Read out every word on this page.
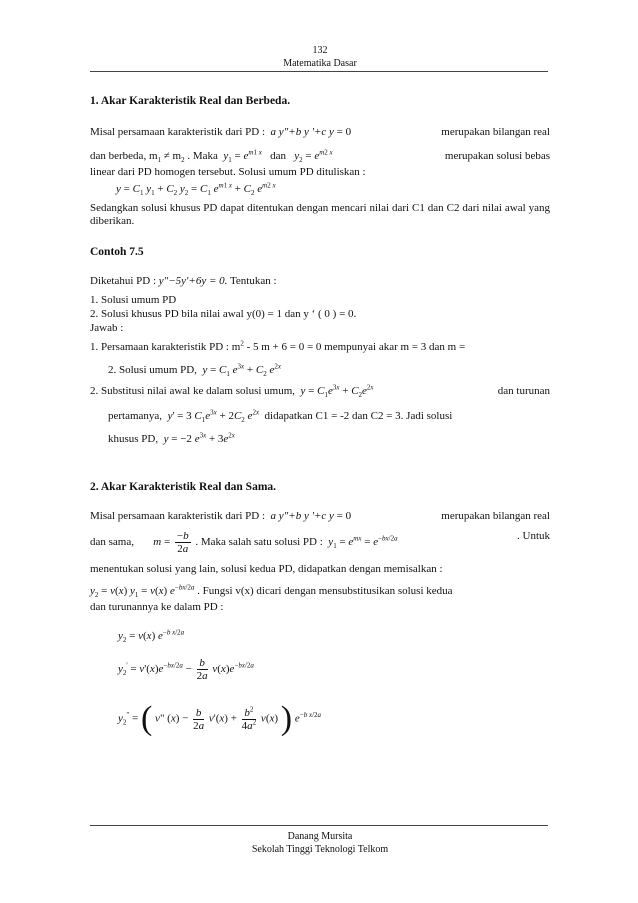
132
Matematika Dasar
1. Akar Karakteristik Real dan Berbeda.
Misal persamaan karakteristik dari PD :  a y"+b y '+c y = 0	merupakan bilangan real
dan berbeda, $m_1 \ne m_2$ . Maka $y_1 = e^{m1 x}$ dan $y_2 = e^{m2 x}$	merupakan solusi bebas
linear dari PD homogen tersebut. Solusi umum PD dituliskan :
$y = C_1$ $y_1 + C_2$ $y_2 = C_1$ $e^{m1 x} + C_2$ $e^{m2 x}$
Sedangkan solusi khusus PD dapat ditentukan dengan mencari nilai dari C1 dan C2 dari nilai awal yang diberikan.
Contoh 7.5
Diketahui PD : y"−5y'+6y = 0. Tentukan :
1. Solusi umum PD
2. Solusi khusus PD bila nilai awal y(0) = 1 dan y ‘ ( 0 ) = 0.
Jawab :
1. Persamaan karakteristik PD : $m^2 - 5$ m + 6 = 0 = 0 mempunyai akar m = 3 dan m =
2. Solusi umum PD, $y = C_1$ $e^{3x} + C_2$ $e^{2x}$
2. Substitusi nilai awal ke dalam solusi umum, $y = C_1e^{3x} + C_2e^{2x}$	dan turunan
pertamanya, y' = 3 $C_1e^{3x} + 2C_2$ $e^{2x}$ didapatkan C1 = -2 dan C2 = 3. Jadi solusi
khusus PD, y = −2 $e^{3x} + 3e^{2x}$
2. Akar Karakteristik Real dan Sama.
Misal persamaan karakteristik dari PD :  a y"+b y '+c y = 0	merupakan bilangan real
dan sama, $m = \frac{-b}{2a}$ . Maka salah satu solusi PD : $y_1 = e^{mx} = e^{-bx/2a}$	. Untuk
menentukan solusi yang lain, solusi kedua PD, didapatkan dengan memisalkan :
$y_2 = v(x) y_1 = v(x)$ $e^{-bx/2a}$ . Fungsi v(x) dicari dengan mensubstitusikan solusi kedua
dan turunannya ke dalam PD :
$y_2 = v(x)$ $e^{-b x/2a}$
$y_2' = v'(x)e^{-bx/2a} - \frac{b}{2a} v(x)e^{-bx/2a}$
$y_2^"$ = ( v" $(x) - \frac{b}{2a} v'(x) + \frac{b^2}{4a^2} v(x)$ ) $e^{-b x/2a}$
Danang Mursita
Sekolah Tinggi Teknologi Telkom
